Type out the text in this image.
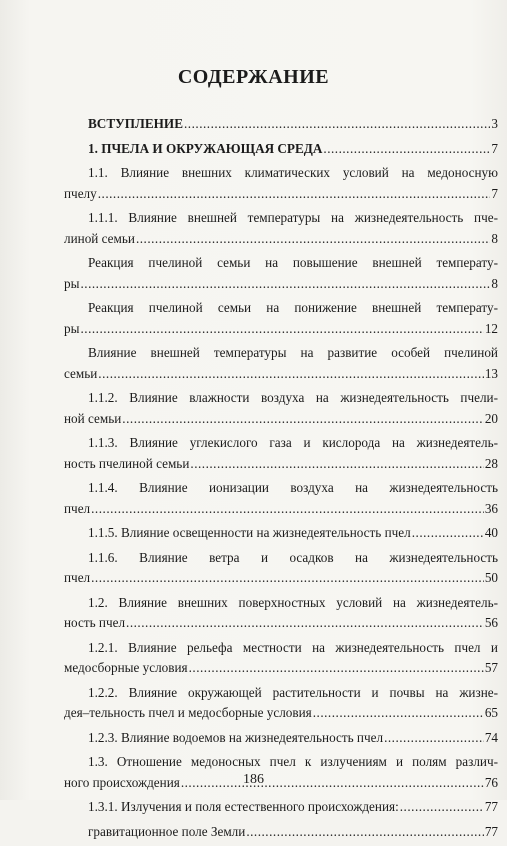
СОДЕРЖАНИЕ
ВСТУПЛЕНИЕ .....	3
1. ПЧЕЛА И ОКРУЖАЮЩАЯ СРЕДА .....	7
1.1. Влияние внешних климатических условий на медоносную
пчелу .....	7
1.1.1. Влияние внешней температуры на жизнедеятельность пче-
линой семьи .....	8
Реакция пчелиной семьи на повышение внешней температу-
ры .....	8
Реакция пчелиной семьи на понижение внешней температу-
ры .....	12
Влияние внешней температуры на развитие особей пчелиной
семьи .....	13
1.1.2. Влияние влажности воздуха на жизнедеятельность пчели-
ной семьи .....	20
1.1.3. Влияние углекислого газа и кислорода на жизнедеятель-
ность пчелиной семьи .....	28
1.1.4. Влияние ионизации воздуха на жизнедеятельность
пчел .....	36
1.1.5. Влияние освещенности на жизнедеятельность пчел .....	40
1.1.6. Влияние ветра и осадков на жизнедеятельность
пчел .....	50
1.2. Влияние внешних поверхностных условий на жизнедеятель-
ность пчел .....	56
1.2.1. Влияние рельефа местности на жизнедеятельность пчел и
медосборные условия .....	57
1.2.2. Влияние окружающей растительности и почвы на жизне-
дея–тельность пчел и медосборные условия .....	65
1.2.3. Влияние водоемов на жизнедеятельность пчел .....	74
1.3. Отношение медоносных пчел к излучениям и полям различ-
ного происхождения .....	76
1.3.1. Излучения и поля естественного происхождения: .....	77
гравитационное поле Земли .....	77
186
